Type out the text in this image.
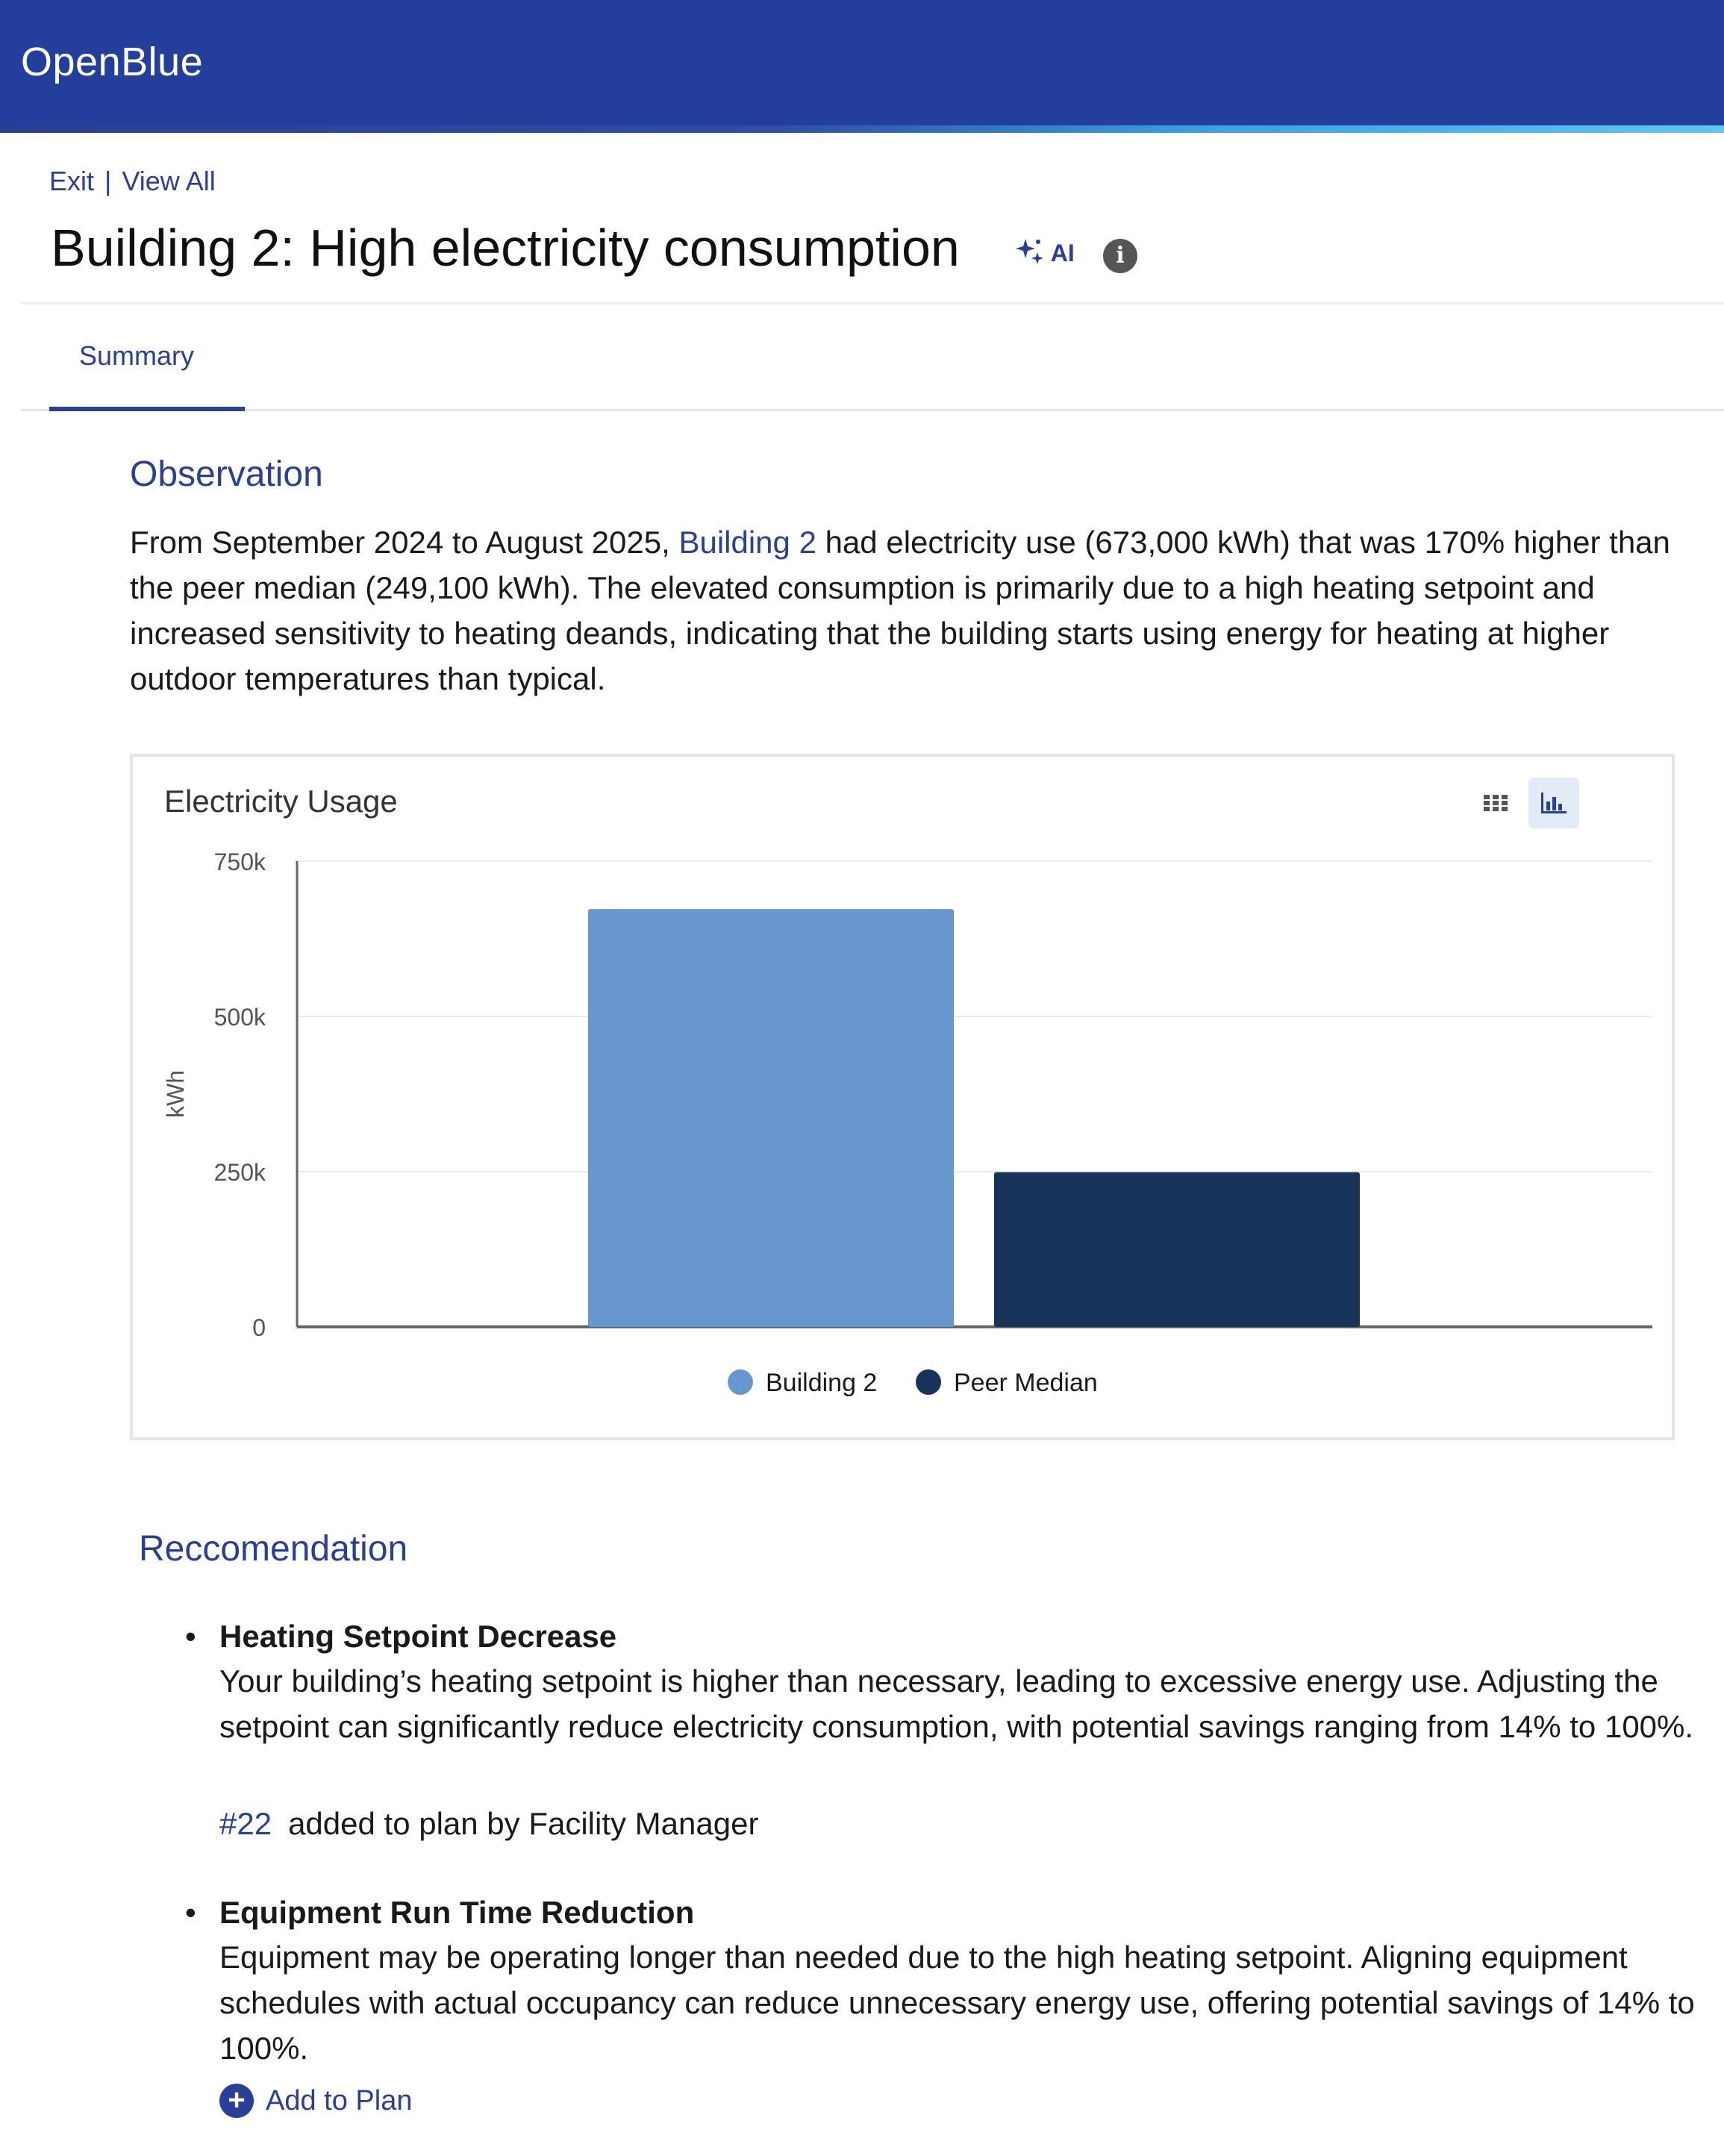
OpenBlue
Exit | View All
Building 2: High electricity consumption	AI	i
Summary
Observation

From September 2024 to August 2025, Building 2 had electricity use (673,000 kWh) that was 170% higher than the peer median (249,100 kWh). The elevated consumption is primarily due to a high heating setpoint and increased sensitivity to heating deands, indicating that the building starts using energy for heating at higher outdoor temperatures than typical.

Electricity Usage
0
250k
500k
750k
kWh
Building 2	Peer Median
Reccomendation
• Heating Setpoint Decrease
Your building’s heating setpoint is higher than necessary, leading to excessive energy use. Adjusting the setpoint can significantly reduce electricity consumption, with potential savings ranging from 14% to 100%.
#22 added to plan by Facility Manager
• Equipment Run Time Reduction
Equipment may be operating longer than needed due to the high heating setpoint. Aligning equipment schedules with actual occupancy can reduce unnecessary energy use, offering potential savings of 14% to 100%.
+ Add to Plan
